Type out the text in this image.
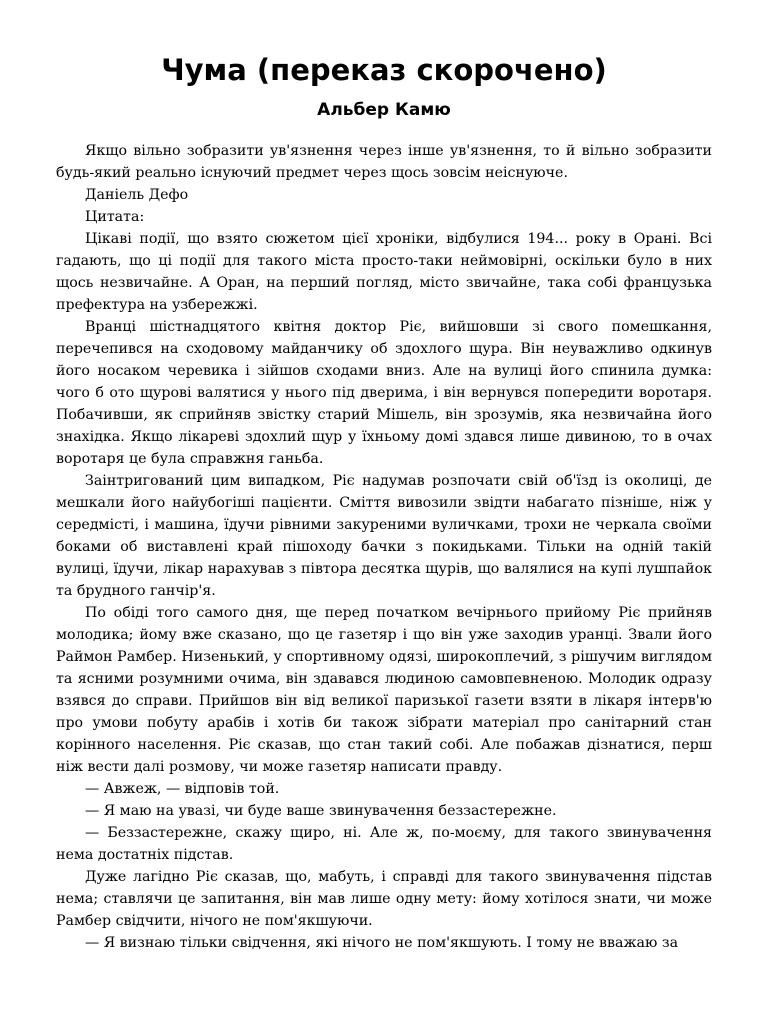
Чума (переказ скорочено)
Альбер Камю

Якщо вільно зобразити ув'язнення через інше ув'язнення, то й вільно зобразити будь-який реально існуючий предмет через щось зовсім неіснуюче.

Даніель Дефо

Цитата:

Цікаві події, що взято сюжетом цієї хроніки, відбулися 194... року в Орані. Всі гадають, що ці події для такого міста просто-таки неймовірні, оскільки було в них щось незвичайне. А Оран, на перший погляд, місто звичайне, така собі французька префектура на узбережжі.

Вранці шістнадцятого квітня доктор Ріє, вийшовши зі свого помешкання, перечепився на сходовому майданчику об здохлого щура. Він неуважливо одкинув його носаком черевика і зійшов сходами вниз. Але на вулиці його спинила думка: чого б ото щурові валятися у нього під дверима, і він вернувся попередити воротаря. Побачивши, як сприйняв звістку старий Мішель, він зрозумів, яка незвичайна його знахідка. Якщо лікареві здохлий щур у їхньому домі здався лише дивиною, то в очах воротаря це була справжня ганьба.

Заінтригований цим випадком, Ріє надумав розпочати свій об'їзд із околиці, де мешкали його найубогіші пацієнти. Сміття вивозили звідти набагато пізніше, ніж у середмісті, і машина, їдучи рівними закуреними вуличками, трохи не черкала своїми боками об виставлені край пішоходу бачки з покидьками. Тільки на одній такій вулиці, їдучи, лікар нарахував з півтора десятка щурів, що валялися на купі лушпайок та брудного ганчір'я.

По обіді того самого дня, ще перед початком вечірнього прийому Ріє прийняв молодика; йому вже сказано, що це газетяр і що він уже заходив уранці. Звали його Раймон Рамбер. Низенький, у спортивному одязі, широкоплечий, з рішучим виглядом та ясними розумними очима, він здавався людиною самовпевненою. Молодик одразу взявся до справи. Прийшов він від великої паризької газети взяти в лікаря інтерв'ю про умови побуту арабів і хотів би також зібрати матеріал про санітарний стан корінного населення. Ріє сказав, що стан такий собі. Але побажав дізнатися, перш ніж вести далі розмову, чи може газетяр написати правду.

— Авжеж, — відповів той.

— Я маю на увазі, чи буде ваше звинувачення беззастережне.

— Беззастережне, скажу щиро, ні. Але ж, по-моєму, для такого звинувачення нема достатніх підстав.

Дуже лагідно Ріє сказав, що, мабуть, і справді для такого звинувачення підстав нема; ставлячи це запитання, він мав лише одну мету: йому хотілося знати, чи може Рамбер свідчити, нічого не пом'якшуючи.

— Я визнаю тільки свідчення, які нічого не пом'якшують. І тому не вважаю за
